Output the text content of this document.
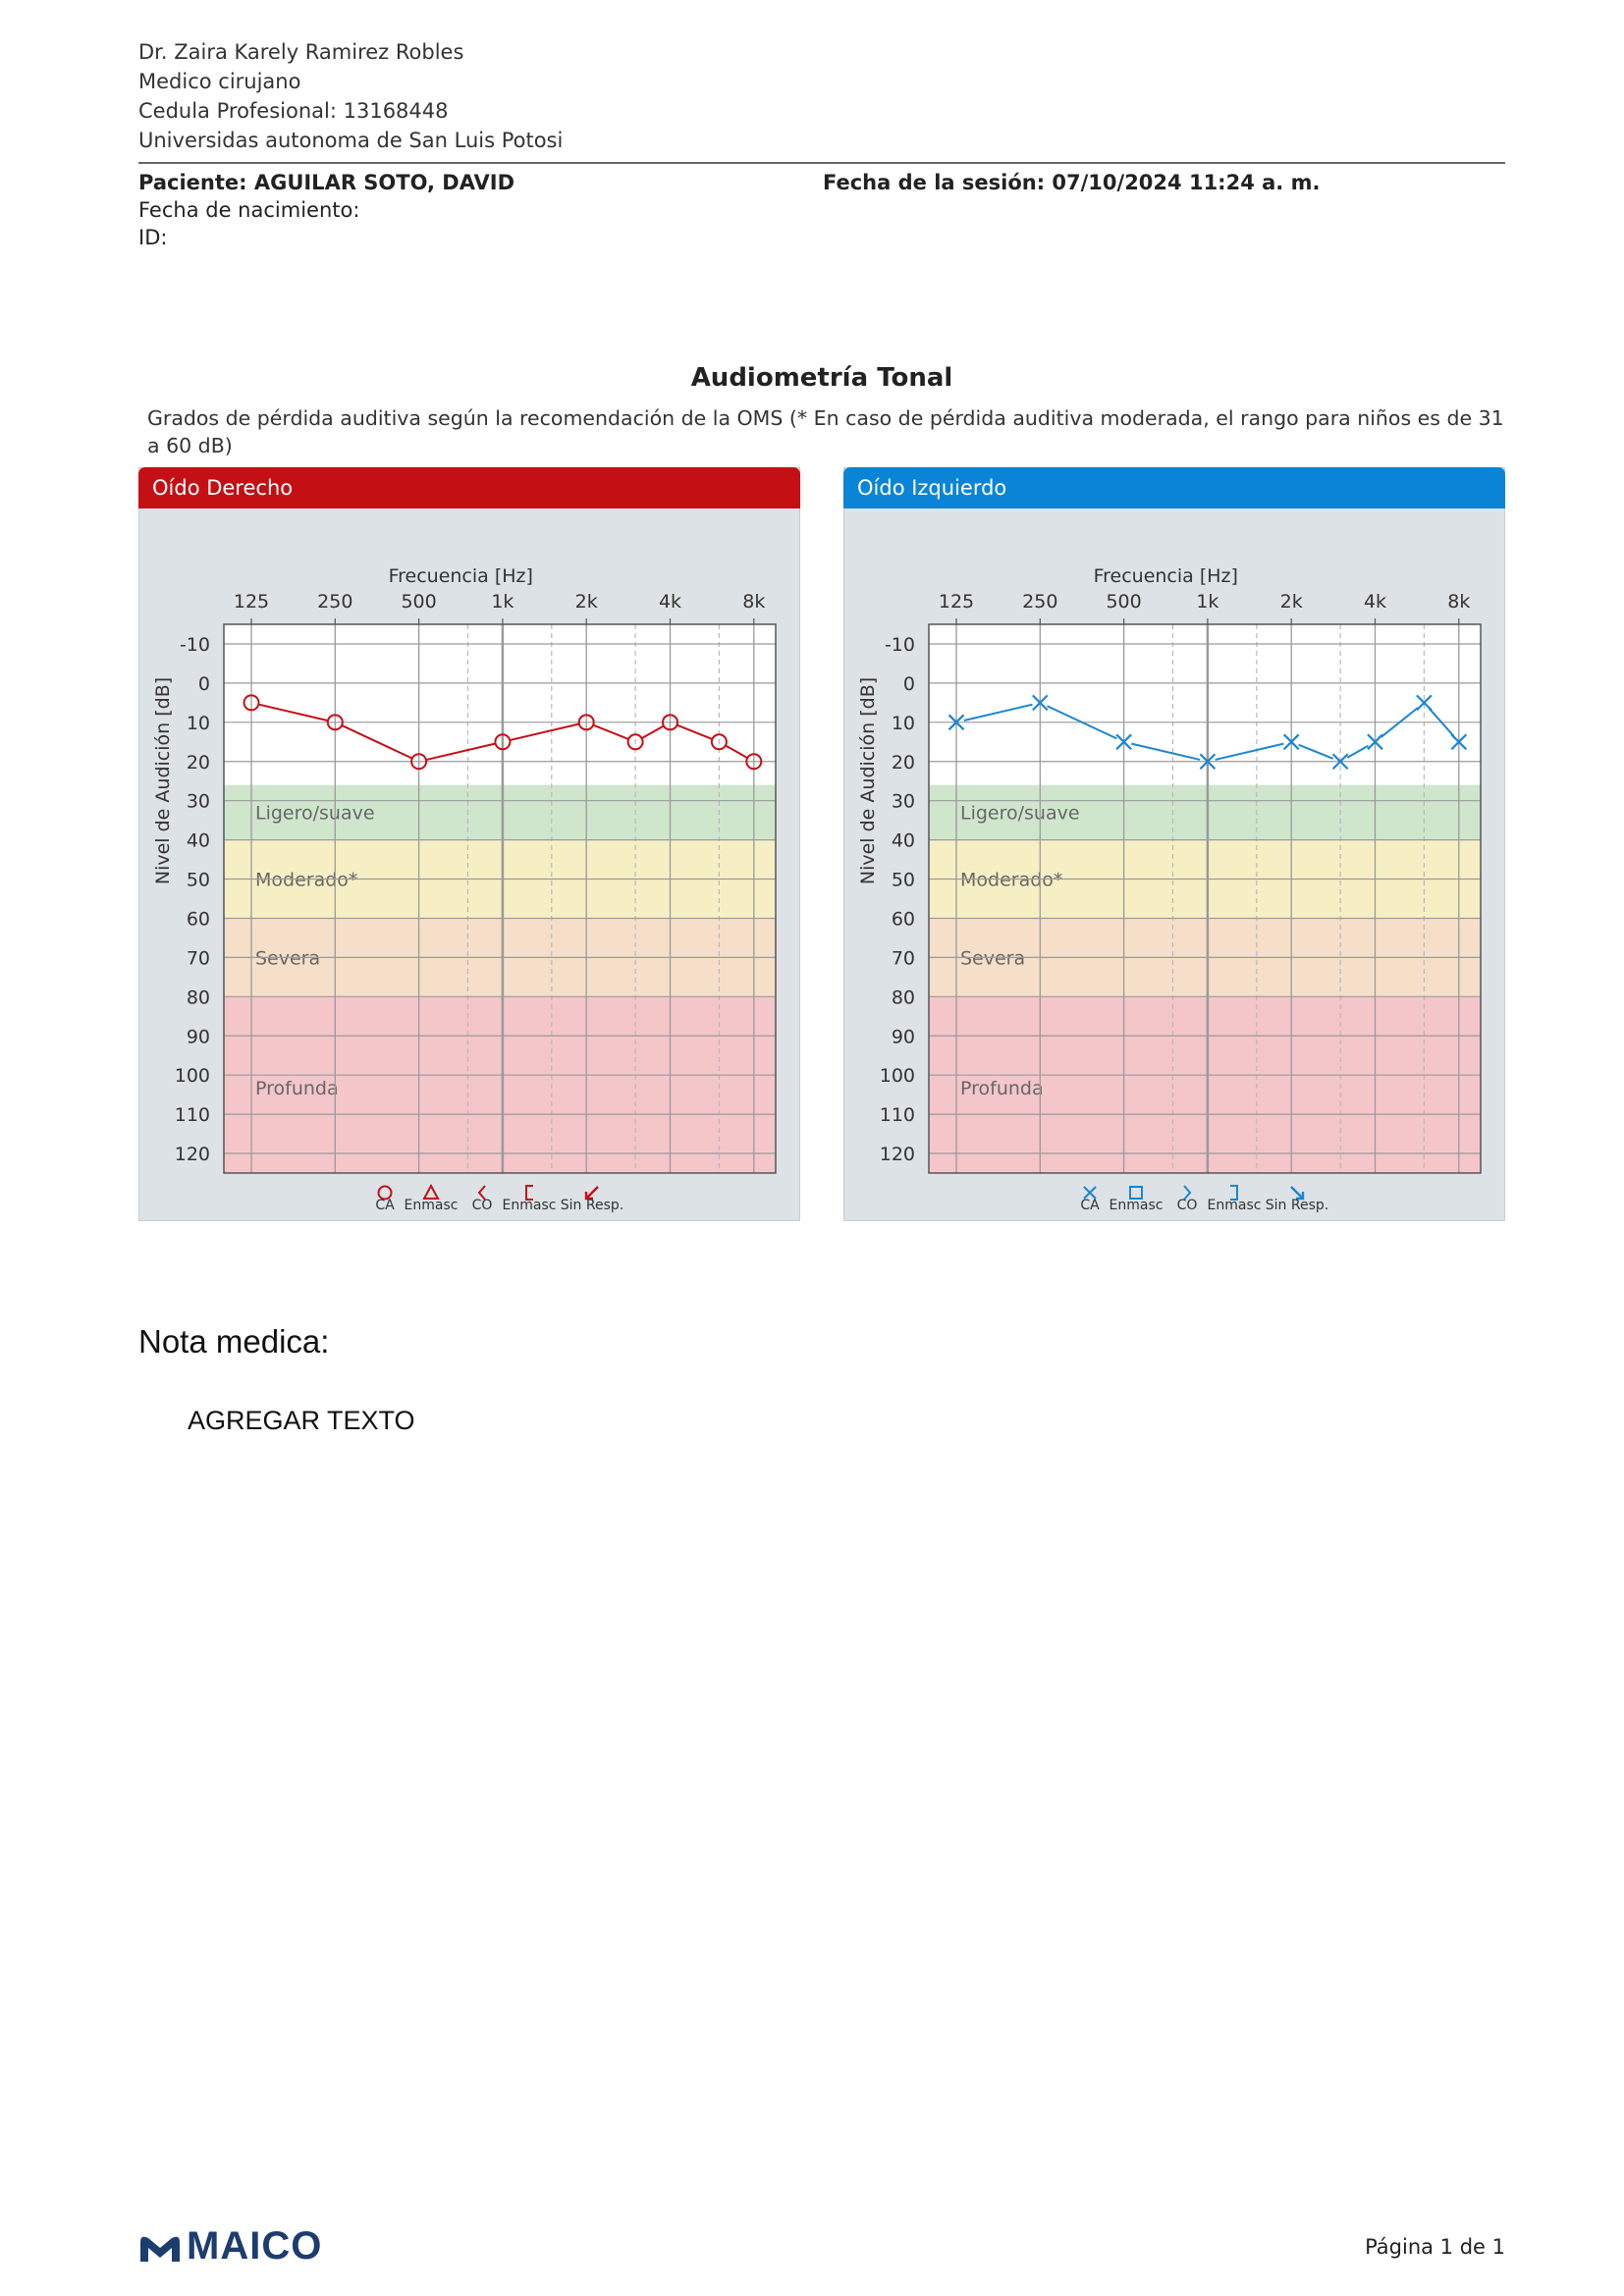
Dr. Zaira Karely Ramirez Robles
Medico cirujano
Cedula Profesional: 13168448
Universidas autonoma de San Luis Potosi
Paciente: AGUILAR SOTO, DAVID
Fecha de nacimiento:
ID:
Fecha de la sesión: 07/10/2024 11:24 a. m.
Audiometría Tonal
Grados de pérdida auditiva según la recomendación de la OMS (* En caso de pérdida auditiva moderada, el rango para niños es de 31 a 60 dB)
Oído Derecho
Ligero/suave
Moderado*
Severa
Profunda
Frecuencia [Hz]
125	250	500	1k	2k	4k	8k
-10
0
10
20
30
40
50
60
70
80
90
100
110
120
Nivel de Audición [dB]
CA Enmasc CO Enmasc Sin Resp.
Oído Izquierdo
Ligero/suave
Moderado*
Severa
Profunda
Frecuencia [Hz]
125	250	500	1k	2k	4k	8k
-10
0
10
20
30
40
50
60
70
80
90
100
110
120
Nivel de Audición [dB]
CA Enmasc CO Enmasc Sin Resp.
Nota medica:
AGREGAR TEXTO
MAICO	Página 1 de 1
